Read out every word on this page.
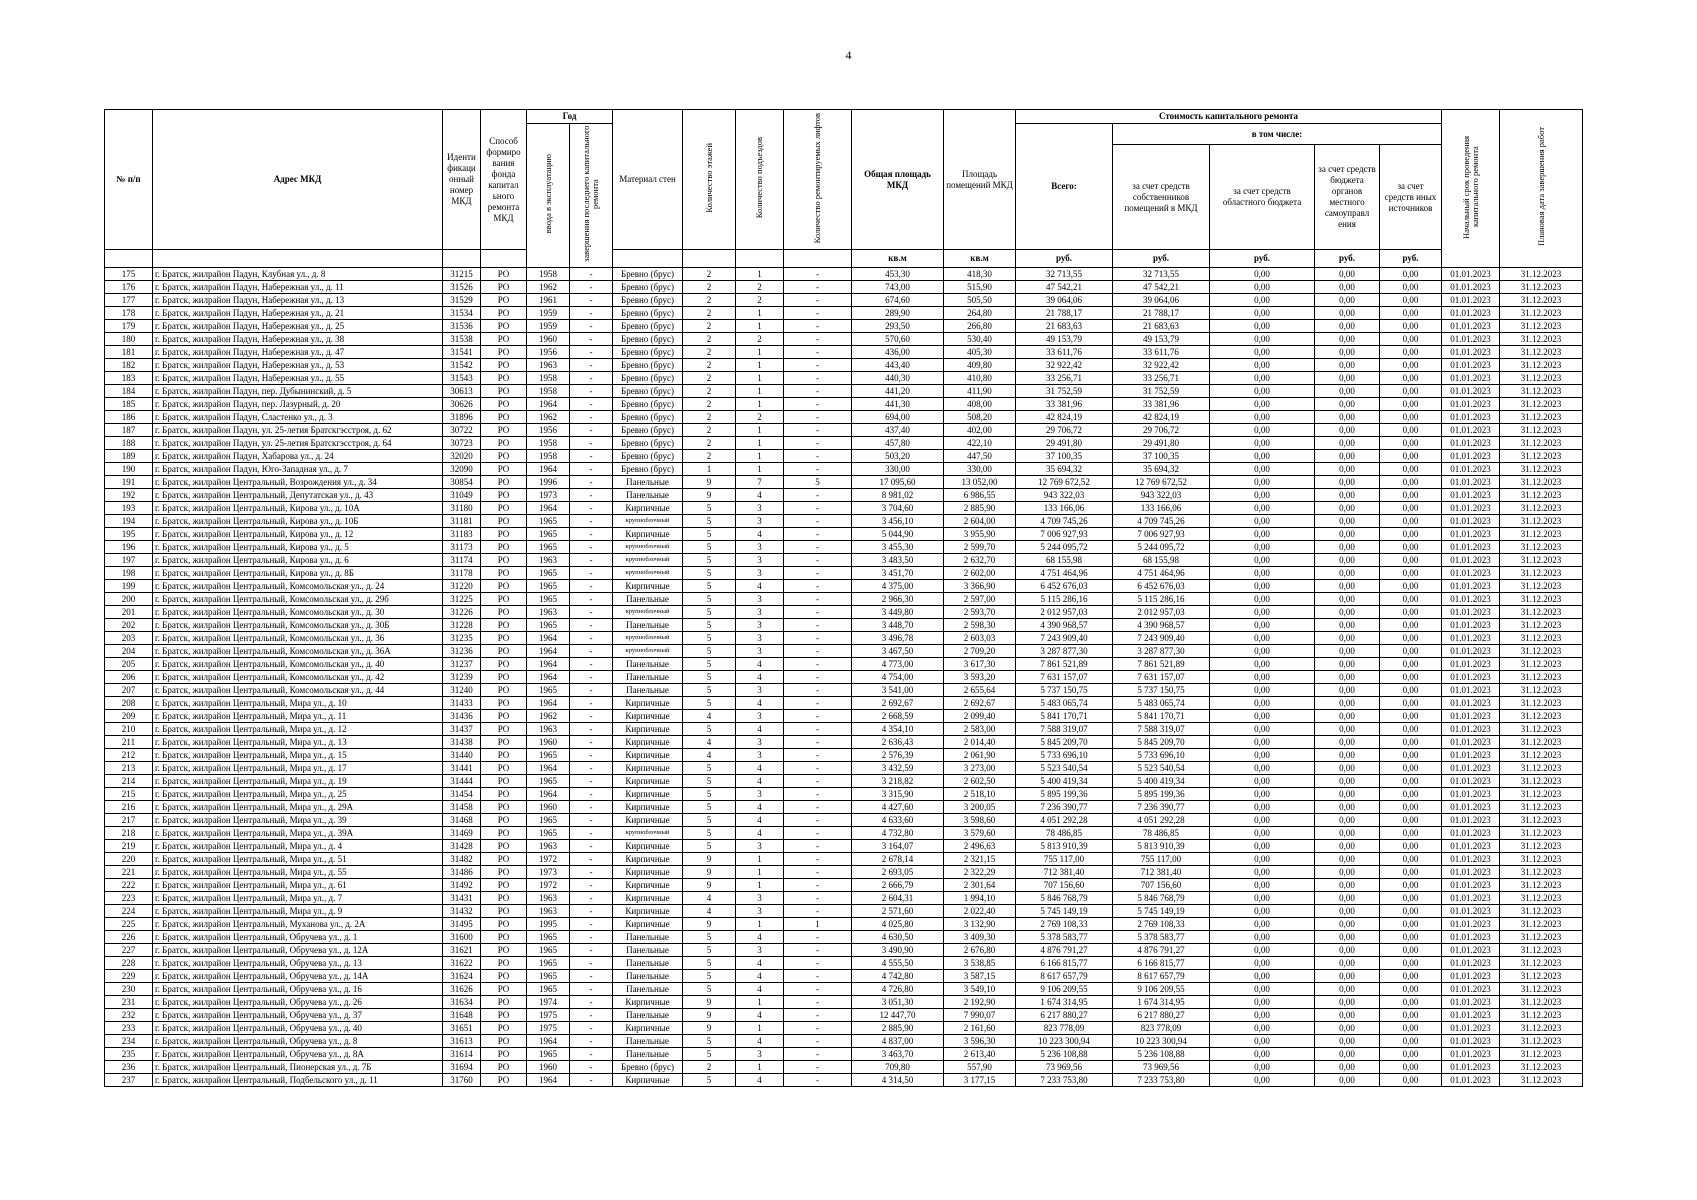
4
№ п/п	Адрес МКД	Иденти фикаци онный номер МКД	Способ формиро вания фонда капитал ьного ремонта МКД	Год		Материал стен	Количество этажей	Количество подъездов	Количество ремонтируемых лифтов	Общая площадь МКД	Площадь помещений МКД	Стоимость капитального ремонта					Начальный срок проведения капитального ремонта	Плановая дата завершения работ
				ввода в эксплуатацию	завершения последнего капитального ремонта							Всего:	в том числе:					
													за счет средств собственников помещений в МКД	за счет средств областного бюджета	за счет средств бюджета органов местного самоуправл ения	за счет средств иных источников		
										кв.м	кв.м	руб.	руб.	руб.	руб.	руб.		
175	г. Братск, жилрайон Падун, Клубная ул., д. 8	31215	РО	1958	-	Бревно (брус)	2	1	-	453,30	418,30	32 713,55	32 713,55	0,00	0,00	0,00	01.01.2023	31.12.2023
176	г. Братск, жилрайон Падун, Набережная ул., д. 11	31526	РО	1962	-	Бревно (брус)	2	2	-	743,00	515,90	47 542,21	47 542,21	0,00	0,00	0,00	01.01.2023	31.12.2023
177	г. Братск, жилрайон Падун, Набережная ул., д. 13	31529	РО	1961	-	Бревно (брус)	2	2	-	674,60	505,50	39 064,06	39 064,06	0,00	0,00	0,00	01.01.2023	31.12.2023
178	г. Братск, жилрайон Падун, Набережная ул., д. 21	31534	РО	1959	-	Бревно (брус)	2	1	-	289,90	264,80	21 788,17	21 788,17	0,00	0,00	0,00	01.01.2023	31.12.2023
179	г. Братск, жилрайон Падун, Набережная ул., д. 25	31536	РО	1959	-	Бревно (брус)	2	1	-	293,50	266,80	21 683,63	21 683,63	0,00	0,00	0,00	01.01.2023	31.12.2023
180	г. Братск, жилрайон Падун, Набережная ул., д. 38	31538	РО	1960	-	Бревно (брус)	2	2	-	570,60	530,40	49 153,79	49 153,79	0,00	0,00	0,00	01.01.2023	31.12.2023
181	г. Братск, жилрайон Падун, Набережная ул., д. 47	31541	РО	1956	-	Бревно (брус)	2	1	-	436,00	405,30	33 611,76	33 611,76	0,00	0,00	0,00	01.01.2023	31.12.2023
182	г. Братск, жилрайон Падун, Набережная ул., д. 53	31542	РО	1963	-	Бревно (брус)	2	1	-	443,40	409,80	32 922,42	32 922,42	0,00	0,00	0,00	01.01.2023	31.12.2023
183	г. Братск, жилрайон Падун, Набережная ул., д. 55	31543	РО	1958	-	Бревно (брус)	2	1	-	440,30	410,80	33 256,71	33 256,71	0,00	0,00	0,00	01.01.2023	31.12.2023
184	г. Братск, жилрайон Падун, пер. Дубынинский, д. 5	30613	РО	1958	-	Бревно (брус)	2	1	-	441,20	411,90	31 752,59	31 752,59	0,00	0,00	0,00	01.01.2023	31.12.2023
185	г. Братск, жилрайон Падун, пер. Лазурный, д. 20	30626	РО	1964	-	Бревно (брус)	2	1	-	441,30	408,00	33 381,96	33 381,96	0,00	0,00	0,00	01.01.2023	31.12.2023
186	г. Братск, жилрайон Падун, Сластенко ул., д. 3	31896	РО	1962	-	Бревно (брус)	2	2	-	694,00	508,20	42 824,19	42 824,19	0,00	0,00	0,00	01.01.2023	31.12.2023
187	г. Братск, жилрайон Падун, ул. 25-летия Братскгэсстроя, д. 62	30722	РО	1956	-	Бревно (брус)	2	1	-	437,40	402,00	29 706,72	29 706,72	0,00	0,00	0,00	01.01.2023	31.12.2023
188	г. Братск, жилрайон Падун, ул. 25-летия Братскгэсстроя, д. 64	30723	РО	1958	-	Бревно (брус)	2	1	-	457,80	422,10	29 491,80	29 491,80	0,00	0,00	0,00	01.01.2023	31.12.2023
189	г. Братск, жилрайон Падун, Хабарова ул., д. 24	32020	РО	1958	-	Бревно (брус)	2	1	-	503,20	447,50	37 100,35	37 100,35	0,00	0,00	0,00	01.01.2023	31.12.2023
190	г. Братск, жилрайон Падун, Юго-Западная ул., д. 7	32090	РО	1964	-	Бревно (брус)	1	1	-	330,00	330,00	35 694,32	35 694,32	0,00	0,00	0,00	01.01.2023	31.12.2023
191	г. Братск, жилрайон Центральный, Возрождения ул., д. 34	30854	РО	1996	-	Панельные	9	7	5	17 095,60	13 052,00	12 769 672,52	12 769 672,52	0,00	0,00	0,00	01.01.2023	31.12.2023
192	г. Братск, жилрайон Центральный, Депутатская ул., д. 43	31049	РО	1973	-	Панельные	9	4	-	8 981,02	6 986,55	943 322,03	943 322,03	0,00	0,00	0,00	01.01.2023	31.12.2023
193	г. Братск, жилрайон Центральный, Кирова ул., д. 10А	31180	РО	1964	-	Кирпичные	5	3	-	3 704,60	2 885,90	133 166,06	133 166,06	0,00	0,00	0,00	01.01.2023	31.12.2023
194	г. Братск, жилрайон Центральный, Кирова ул., д. 10Б	31181	РО	1965	-	крупноблочный	5	3	-	3 456,10	2 604,00	4 709 745,26	4 709 745,26	0,00	0,00	0,00	01.01.2023	31.12.2023
195	г. Братск, жилрайон Центральный, Кирова ул., д. 12	31183	РО	1965	-	Кирпичные	5	4	-	5 044,90	3 955,90	7 006 927,93	7 006 927,93	0,00	0,00	0,00	01.01.2023	31.12.2023
196	г. Братск, жилрайон Центральный, Кирова ул., д. 5	31173	РО	1965	-	крупноблочный	5	3	-	3 455,30	2 599,70	5 244 095,72	5 244 095,72	0,00	0,00	0,00	01.01.2023	31.12.2023
197	г. Братск, жилрайон Центральный, Кирова ул., д. 6	31174	РО	1963	-	крупноблочный	5	3	-	3 483,50	2 632,70	68 155,98	68 155,98	0,00	0,00	0,00	01.01.2023	31.12.2023
198	г. Братск, жилрайон Центральный, Кирова ул., д. 8Б	31178	РО	1965	-	крупноблочный	5	3	-	3 451,70	2 602,00	4 751 464,96	4 751 464,96	0,00	0,00	0,00	01.01.2023	31.12.2023
199	г. Братск, жилрайон Центральный, Комсомольская ул., д. 24	31220	РО	1965	-	Кирпичные	5	4	-	4 375,00	3 366,90	6 452 676,03	6 452 676,03	0,00	0,00	0,00	01.01.2023	31.12.2023
200	г. Братск, жилрайон Центральный, Комсомольская ул., д. 29б	31225	РО	1965	-	Панельные	5	3	-	2 966,30	2 597,00	5 115 286,16	5 115 286,16	0,00	0,00	0,00	01.01.2023	31.12.2023
201	г. Братск, жилрайон Центральный, Комсомольская ул., д. 30	31226	РО	1963	-	крупноблочный	5	3	-	3 449,80	2 593,70	2 012 957,03	2 012 957,03	0,00	0,00	0,00	01.01.2023	31.12.2023
202	г. Братск, жилрайон Центральный, Комсомольская ул., д. 30Б	31228	РО	1965	-	Панельные	5	3	-	3 448,70	2 598,30	4 390 968,57	4 390 968,57	0,00	0,00	0,00	01.01.2023	31.12.2023
203	г. Братск, жилрайон Центральный, Комсомольская ул., д. 36	31235	РО	1964	-	крупноблочный	5	3	-	3 496,78	2 603,03	7 243 909,40	7 243 909,40	0,00	0,00	0,00	01.01.2023	31.12.2023
204	г. Братск, жилрайон Центральный, Комсомольская ул., д. 36А	31236	РО	1964	-	крупноблочный	5	3	-	3 467,50	2 709,20	3 287 877,30	3 287 877,30	0,00	0,00	0,00	01.01.2023	31.12.2023
205	г. Братск, жилрайон Центральный, Комсомольская ул., д. 40	31237	РО	1964	-	Панельные	5	4	-	4 773,00	3 617,30	7 861 521,89	7 861 521,89	0,00	0,00	0,00	01.01.2023	31.12.2023
206	г. Братск, жилрайон Центральный, Комсомольская ул., д. 42	31239	РО	1964	-	Панельные	5	4	-	4 754,00	3 593,20	7 631 157,07	7 631 157,07	0,00	0,00	0,00	01.01.2023	31.12.2023
207	г. Братск, жилрайон Центральный, Комсомольская ул., д. 44	31240	РО	1965	-	Панельные	5	3	-	3 541,00	2 655,64	5 737 150,75	5 737 150,75	0,00	0,00	0,00	01.01.2023	31.12.2023
208	г. Братск, жилрайон Центральный, Мира ул., д. 10	31433	РО	1964	-	Кирпичные	5	4	-	2 692,67	2 692,67	5 483 065,74	5 483 065,74	0,00	0,00	0,00	01.01.2023	31.12.2023
209	г. Братск, жилрайон Центральный, Мира ул., д. 11	31436	РО	1962	-	Кирпичные	4	3	-	2 668,59	2 099,40	5 841 170,71	5 841 170,71	0,00	0,00	0,00	01.01.2023	31.12.2023
210	г. Братск, жилрайон Центральный, Мира ул., д. 12	31437	РО	1963	-	Кирпичные	5	4	-	4 354,10	2 583,00	7 588 319,07	7 588 319,07	0,00	0,00	0,00	01.01.2023	31.12.2023
211	г. Братск, жилрайон Центральный, Мира ул., д. 13	31438	РО	1960	-	Кирпичные	4	3	-	2 636,43	2 014,40	5 845 209,70	5 845 209,70	0,00	0,00	0,00	01.01.2023	31.12.2023
212	г. Братск, жилрайон Центральный, Мира ул., д. 15	31440	РО	1965	-	Кирпичные	4	3	-	2 576,39	2 061,90	5 733 696,10	5 733 696,10	0,00	0,00	0,00	01.01.2023	31.12.2023
213	г. Братск, жилрайон Центральный, Мира ул., д. 17	31441	РО	1964	-	Кирпичные	5	4	-	3 432,59	3 273,00	5 523 540,54	5 523 540,54	0,00	0,00	0,00	01.01.2023	31.12.2023
214	г. Братск, жилрайон Центральный, Мира ул., д. 19	31444	РО	1965	-	Кирпичные	5	4	-	3 218,82	2 602,50	5 400 419,34	5 400 419,34	0,00	0,00	0,00	01.01.2023	31.12.2023
215	г. Братск, жилрайон Центральный, Мира ул., д. 25	31454	РО	1964	-	Кирпичные	5	3	-	3 315,90	2 518,10	5 895 199,36	5 895 199,36	0,00	0,00	0,00	01.01.2023	31.12.2023
216	г. Братск, жилрайон Центральный, Мира ул., д. 29А	31458	РО	1960	-	Кирпичные	5	4	-	4 427,60	3 200,05	7 236 390,77	7 236 390,77	0,00	0,00	0,00	01.01.2023	31.12.2023
217	г. Братск, жилрайон Центральный, Мира ул., д. 39	31468	РО	1965	-	Кирпичные	5	4	-	4 633,60	3 598,60	4 051 292,28	4 051 292,28	0,00	0,00	0,00	01.01.2023	31.12.2023
218	г. Братск, жилрайон Центральный, Мира ул., д. 39А	31469	РО	1965	-	крупноблочный	5	4	-	4 732,80	3 579,60	78 486,85	78 486,85	0,00	0,00	0,00	01.01.2023	31.12.2023
219	г. Братск, жилрайон Центральный, Мира ул., д. 4	31428	РО	1963	-	Кирпичные	5	3	-	3 164,07	2 496,63	5 813 910,39	5 813 910,39	0,00	0,00	0,00	01.01.2023	31.12.2023
220	г. Братск, жилрайон Центральный, Мира ул., д. 51	31482	РО	1972	-	Кирпичные	9	1	-	2 678,14	2 321,15	755 117,00	755 117,00	0,00	0,00	0,00	01.01.2023	31.12.2023
221	г. Братск, жилрайон Центральный, Мира ул., д. 55	31486	РО	1973	-	Кирпичные	9	1	-	2 693,05	2 322,29	712 381,40	712 381,40	0,00	0,00	0,00	01.01.2023	31.12.2023
222	г. Братск, жилрайон Центральный, Мира ул., д. 61	31492	РО	1972	-	Кирпичные	9	1	-	2 666,79	2 301,64	707 156,60	707 156,60	0,00	0,00	0,00	01.01.2023	31.12.2023
223	г. Братск, жилрайон Центральный, Мира ул., д. 7	31431	РО	1963	-	Кирпичные	4	3	-	2 604,31	1 994,10	5 846 768,79	5 846 768,79	0,00	0,00	0,00	01.01.2023	31.12.2023
224	г. Братск, жилрайон Центральный, Мира ул., д. 9	31432	РО	1963	-	Кирпичные	4	3	-	2 571,60	2 022,40	5 745 149,19	5 745 149,19	0,00	0,00	0,00	01.01.2023	31.12.2023
225	г. Братск, жилрайон Центральный, Муханова ул., д. 2А	31495	РО	1995	-	Кирпичные	9	1	1	4 025,80	3 132,90	2 769 108,33	2 769 108,33	0,00	0,00	0,00	01.01.2023	31.12.2023
226	г. Братск, жилрайон Центральный, Обручева ул., д. 1	31600	РО	1965	-	Панельные	5	4	-	4 630,50	3 409,30	5 378 583,77	5 378 583,77	0,00	0,00	0,00	01.01.2023	31.12.2023
227	г. Братск, жилрайон Центральный, Обручева ул., д. 12А	31621	РО	1965	-	Панельные	5	3	-	3 490,90	2 676,80	4 876 791,27	4 876 791,27	0,00	0,00	0,00	01.01.2023	31.12.2023
228	г. Братск, жилрайон Центральный, Обручева ул., д. 13	31622	РО	1965	-	Панельные	5	4	-	4 555,50	3 538,85	6 166 815,77	6 166 815,77	0,00	0,00	0,00	01.01.2023	31.12.2023
229	г. Братск, жилрайон Центральный, Обручева ул., д. 14А	31624	РО	1965	-	Панельные	5	4	-	4 742,80	3 587,15	8 617 657,79	8 617 657,79	0,00	0,00	0,00	01.01.2023	31.12.2023
230	г. Братск, жилрайон Центральный, Обручева ул., д. 16	31626	РО	1965	-	Панельные	5	4	-	4 726,80	3 549,10	9 106 209,55	9 106 209,55	0,00	0,00	0,00	01.01.2023	31.12.2023
231	г. Братск, жилрайон Центральный, Обручева ул., д. 26	31634	РО	1974	-	Кирпичные	9	1	-	3 051,30	2 192,90	1 674 314,95	1 674 314,95	0,00	0,00	0,00	01.01.2023	31.12.2023
232	г. Братск, жилрайон Центральный, Обручева ул., д. 37	31648	РО	1975	-	Панельные	9	4	-	12 447,70	7 990,07	6 217 880,27	6 217 880,27	0,00	0,00	0,00	01.01.2023	31.12.2023
233	г. Братск, жилрайон Центральный, Обручева ул., д. 40	31651	РО	1975	-	Кирпичные	9	1	-	2 885,90	2 161,60	823 778,09	823 778,09	0,00	0,00	0,00	01.01.2023	31.12.2023
234	г. Братск, жилрайон Центральный, Обручева ул., д. 8	31613	РО	1964	-	Панельные	5	4	-	4 837,00	3 596,30	10 223 300,94	10 223 300,94	0,00	0,00	0,00	01.01.2023	31.12.2023
235	г. Братск, жилрайон Центральный, Обручева ул., д. 8А	31614	РО	1965	-	Панельные	5	3	-	3 463,70	2 613,40	5 236 108,88	5 236 108,88	0,00	0,00	0,00	01.01.2023	31.12.2023
236	г. Братск, жилрайон Центральный, Пионерская ул., д. 7Б	31694	РО	1960	-	Бревно (брус)	2	1	-	709,80	557,90	73 969,56	73 969,56	0,00	0,00	0,00	01.01.2023	31.12.2023
237	г. Братск, жилрайон Центральный, Подбельского ул., д. 11	31760	РО	1964	-	Кирпичные	5	4	-	4 314,50	3 177,15	7 233 753,80	7 233 753,80	0,00	0,00	0,00	01.01.2023	31.12.2023
